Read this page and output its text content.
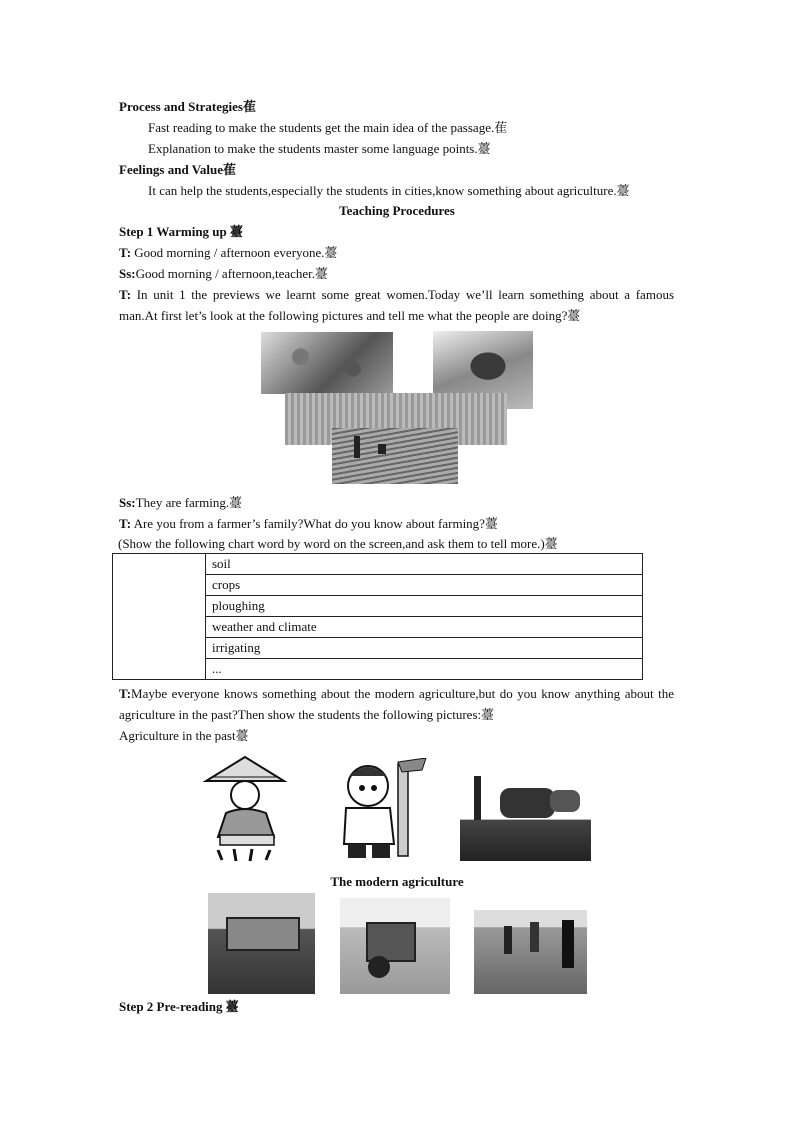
Process and Strategies萑
Fast reading to make the students get the main idea of the passage.萑
Explanation to make the students master some language points.薹
Feelings and Value萑
It can help the students,especially the students in cities,know something about agriculture.薹
Teaching Procedures
Step 1 Warming up 薹
T: Good morning / afternoon everyone.薹
Ss:Good morning / afternoon,teacher.薹
T: In unit 1 the previews we learnt some great women.Today we’ll learn something about a famous man.At first let’s look at the following pictures and tell me what the people are doing?薹
Ss:They are farming.薹
T: Are you from a farmer’s family?What do you know about farming?薹
(Show the following chart word by word on the screen,and ask them to tell more.)薹
	soil
crops
ploughing
weather and climate
irrigating
...
T:Maybe everyone knows something about the modern agriculture,but do you know anything about the agriculture in the past?Then show the students the following pictures:薹
Agriculture in the past薹
The modern agriculture
Step 2 Pre-reading 薹
